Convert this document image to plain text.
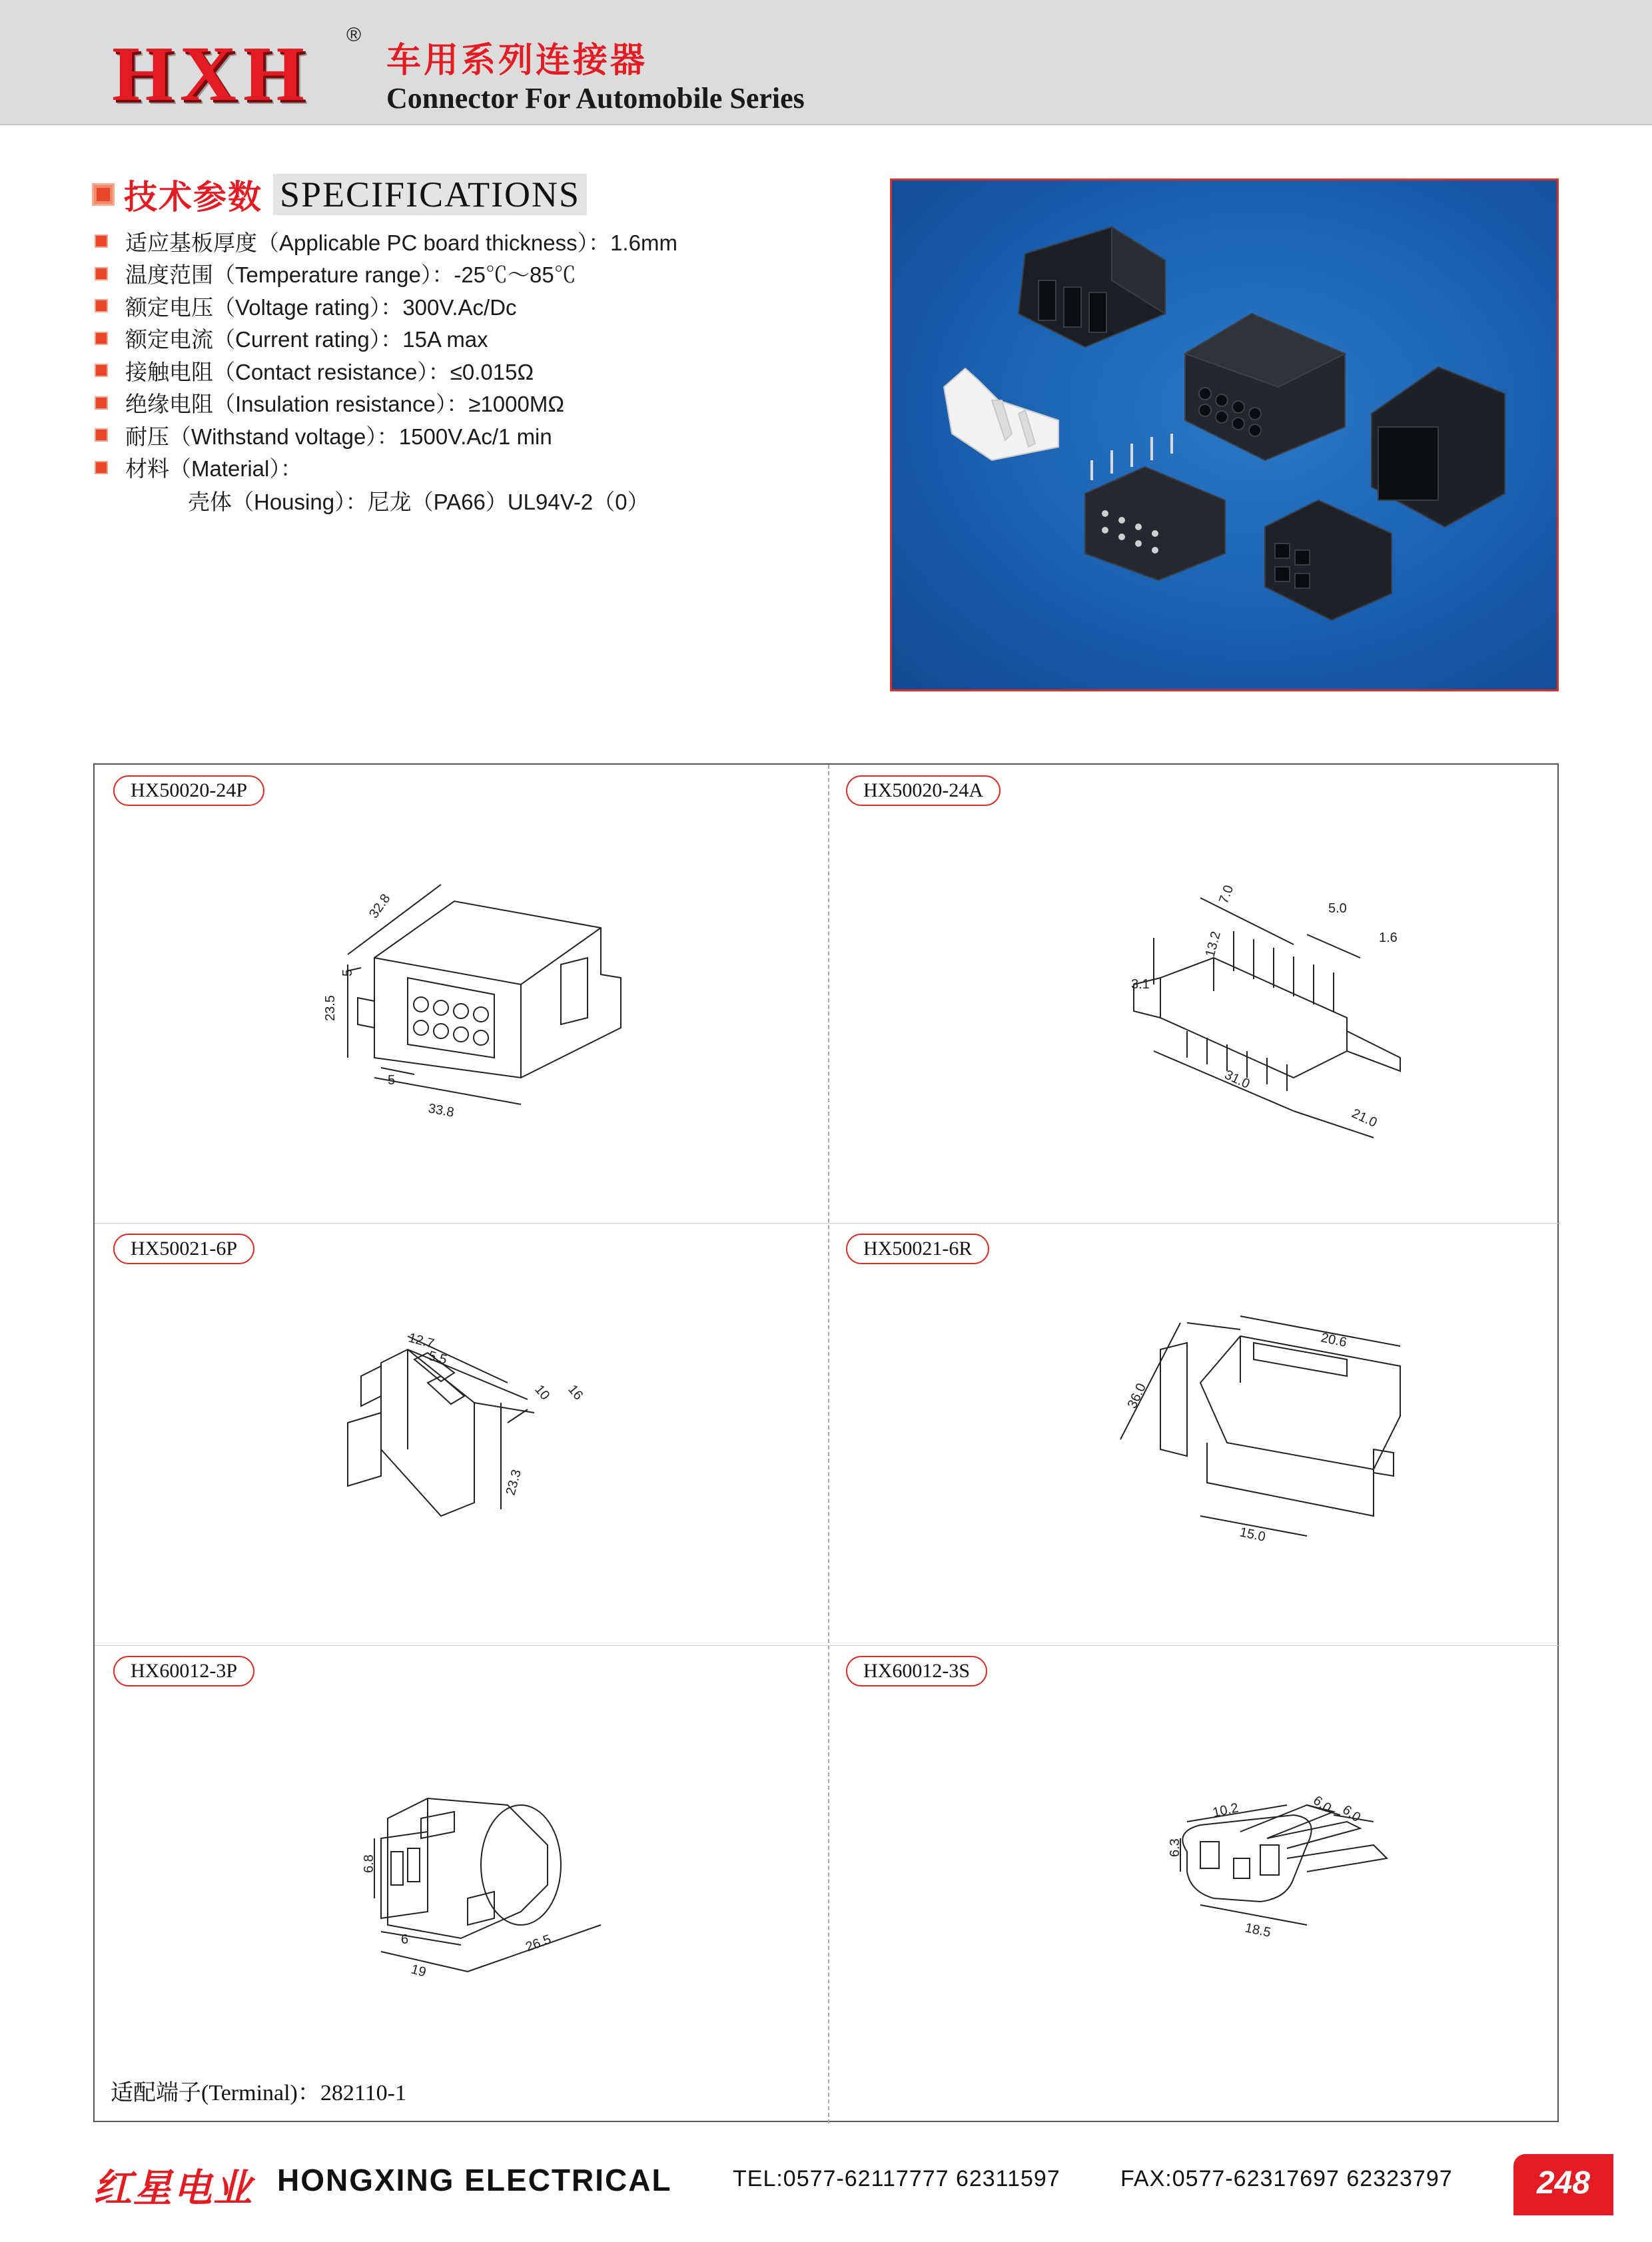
HXH ®
车用系列连接器
Connector For Automobile Series
技术参数 SPECIFICATIONS
适应基板厚度（Applicable PC board thickness）：1.6mm
温度范围（Temperature range）：-25℃～85℃
额定电压（Voltage rating）：300V.Ac/Dc
额定电流（Current rating）：15A max
接触电阻（Contact resistance）：≤0.015Ω
绝缘电阻（Insulation resistance）：≥1000MΩ
耐压（Withstand voltage）：1500V.Ac/1 min
材料（Material）：
壳体（Housing）：尼龙（PA66）UL94V-2（0）
HX50020-24P
32.8
5
23.5
5
33.8
HX50020-24A
7.0
5.0
1.6
13.2
3.1
31.0
21.0
HX50021-6P
12.7
5.5
10 16
23.3
HX50021-6R
20.6
36.0
15.0
HX60012-3P
6.8
6
19
26.5
HX60012-3S
10.2	6.0 6.0
6.3
18.5
适配端子(Terminal)：282110-1
红星电业 HONGXING ELECTRICAL	TEL:0577-62117777 62311597	FAX:0577-62317697 62323797	248
